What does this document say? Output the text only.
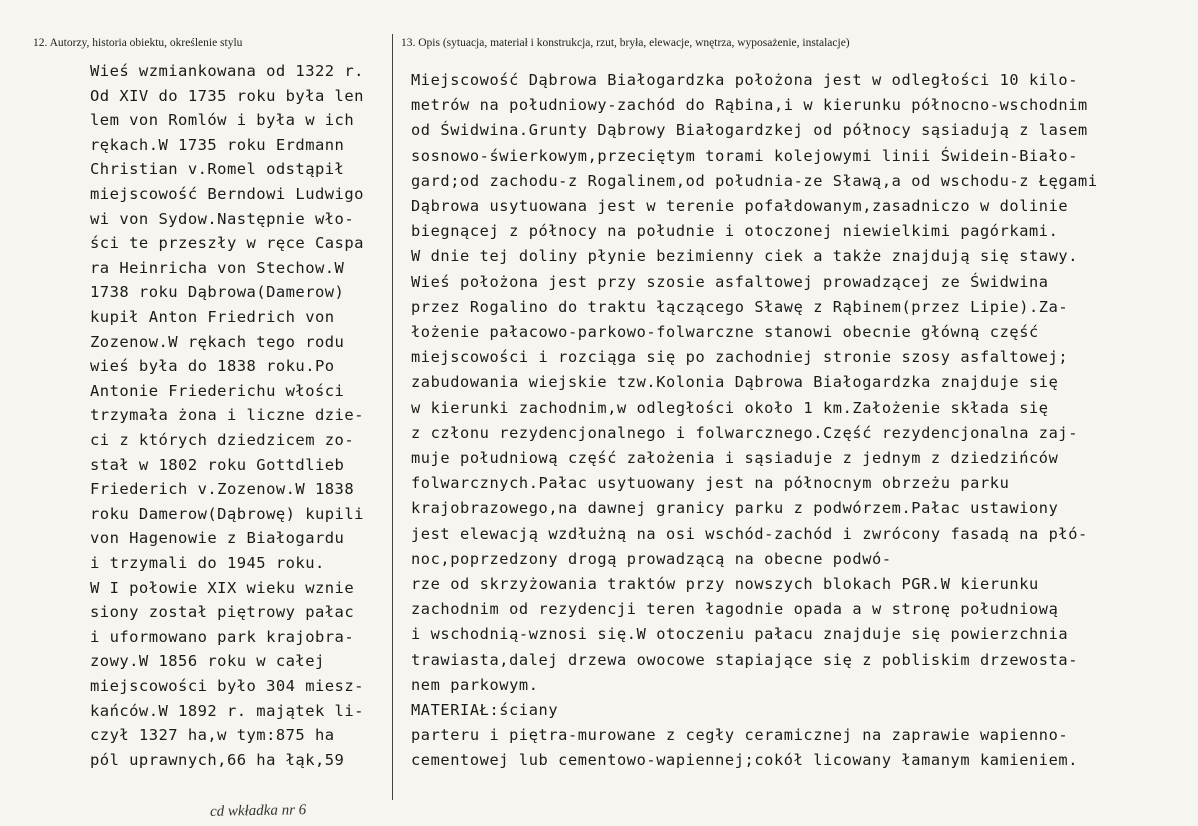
12. Autorzy, historia obiektu, określenie stylu	13. Opis (sytuacja, materiał i konstrukcja, rzut, bryła, elewacje, wnętrza, wyposażenie, instalacje)
Wieś wzmiankowana od 1322 r.
Od XIV do 1735 roku była len
lem von Romlów i była w ich
rękach.W 1735 roku Erdmann
Christian v.Romel odstąpił
miejscowość Berndowi Ludwigo
wi von Sydow.Następnie wło-
ści te przeszły w ręce Caspa
ra Heinricha von Stechow.W
1738 roku Dąbrowa(Damerow)
kupił Anton Friedrich von
Zozenow.W rękach tego rodu
wieś była do 1838 roku.Po
Antonie Friederichu włości
trzymała żona i liczne dzie-
ci z których dziedzicem zo-
stał w 1802 roku Gottdlieb
Friederich v.Zozenow.W 1838
roku Damerow(Dąbrowę) kupili
von Hagenowie z Białogardu
i trzymali do 1945 roku.
W I połowie XIX wieku wznie
siony został piętrowy pałac
i uformowano park krajobra-
zowy.W 1856 roku w całej
miejscowości było 304 miesz-
kańców.W 1892 r. majątek li-
czył 1327 ha,w tym:875 ha
pól uprawnych,66 ha łąk,59
Miejscowość Dąbrowa Białogardzka położona jest w odległości 10 kilo-
metrów na południowy-zachód do Rąbina,i w kierunku północno-wschodnim
od Świdwina.Grunty Dąbrowy Białogardzkej od północy sąsiadują z lasem
sosnowo-świerkowym,przeciętym torami kolejowymi linii Świdein-Biało-
gard;od zachodu-z Rogalinem,od południa-ze Sławą,a od wschodu-z Łęgami
Dąbrowa usytuowana jest w terenie pofałdowanym,zasadniczo w dolinie
biegnącej z północy na południe i otoczonej niewielkimi pagórkami.
W dnie tej doliny płynie bezimienny ciek a także znajdują się stawy.
Wieś położona jest przy szosie asfaltowej prowadzącej ze Świdwina
przez Rogalino do traktu łączącego Sławę z Rąbinem(przez Lipie).Za-
łożenie pałacowo-parkowo-folwarczne stanowi obecnie główną część
miejscowości i rozciąga się po zachodniej stronie szosy asfaltowej;
zabudowania wiejskie tzw.Kolonia Dąbrowa Białogardzka znajduje się
w kierunki zachodnim,w odległości około 1 km.Założenie składa się
z członu rezydencjonalnego i folwarcznego.Część rezydencjonalna zaj-
muje południową część założenia i sąsiaduje z jednym z dziedzińców
folwarcznych.Pałac usytuowany jest na północnym obrzeżu parku
krajobrazowego,na dawnej granicy parku z podwórzem.Pałac ustawiony
jest elewacją wzdłużną na osi wschód-zachód i zwrócony fasadą na płó-
noc,poprzedzony drogą prowadzącą na obecne podwó-
rze od skrzyżowania traktów przy nowszych blokach PGR.W kierunku
zachodnim od rezydencji teren łagodnie opada a w stronę południową
i wschodnią-wznosi się.W otoczeniu pałacu znajduje się powierzchnia
trawiasta,dalej drzewa owocowe stapiające się z pobliskim drzewosta-
nem parkowym.
MATERIAŁ:ściany
parteru i piętra-murowane z cegły ceramicznej na zaprawie wapienno-
cementowej lub cementowo-wapiennej;cokół licowany łamanym kamieniem.
cd wkładka nr 6
